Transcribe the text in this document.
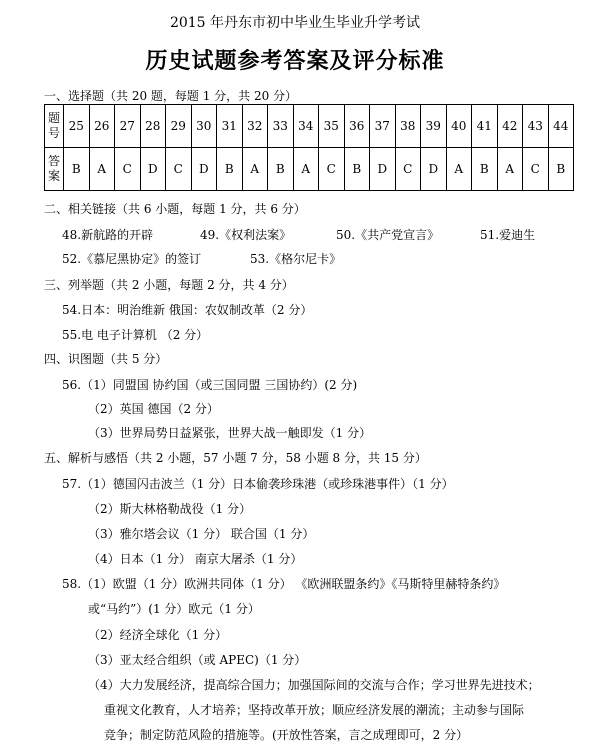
2015 年丹东市初中毕业生毕业升学考试
历史试题参考答案及评分标准
一、选择题（共 20 题，每题 1 分，共 20 分）
题
号	25	26	27	28	29	30	31	32	33	34	35	36	37	38	39	40	41	42	43	44

答
案	B	A	C	D	C	D	B	A	B	A	C	B	D	C	D	A	B	A	C	B
二、相关链接（共 6 小题，每题 1 分，共 6 分）
48.新航路的开辟	49.《权利法案》	50.《共产党宣言》	51.爱迪生
52.《慕尼黑协定》的签订	53.《格尔尼卡》
三、列举题（共 2 小题，每题 2 分，共 4 分）
54.日本：明治维新 俄国：农奴制改革（2 分）
55.电 电子计算机 （2 分）
四、识图题（共 5 分）
56.（1）同盟国 协约国（或三国同盟 三国协约）(2 分)
（2）英国 德国（2 分）
（3）世界局势日益紧张，世界大战一触即发（1 分）
五、解析与感悟（共 2 小题，57 小题 7 分，58 小题 8 分，共 15 分）
57.（1）德国闪击波兰（1 分）日本偷袭珍珠港（或珍珠港事件）（1 分）
（2）斯大林格勒战役（1 分）
（3）雅尔塔会议（1 分） 联合国（1 分）
（4）日本（1 分） 南京大屠杀（1 分）
58.（1）欧盟（1 分）欧洲共同体（1 分） 《欧洲联盟条约》《马斯特里赫特条约》
或“马约”）(1 分）欧元（1 分）
（2）经济全球化（1 分）
（3）亚太经合组织（或 APEC)（1 分）
（4）大力发展经济，提高综合国力；加强国际间的交流与合作；学习世界先进技术；
重视文化教育，人才培养；坚持改革开放；顺应经济发展的潮流；主动参与国际
竞争；制定防范风险的措施等。(开放性答案，言之成理即可，2 分）
